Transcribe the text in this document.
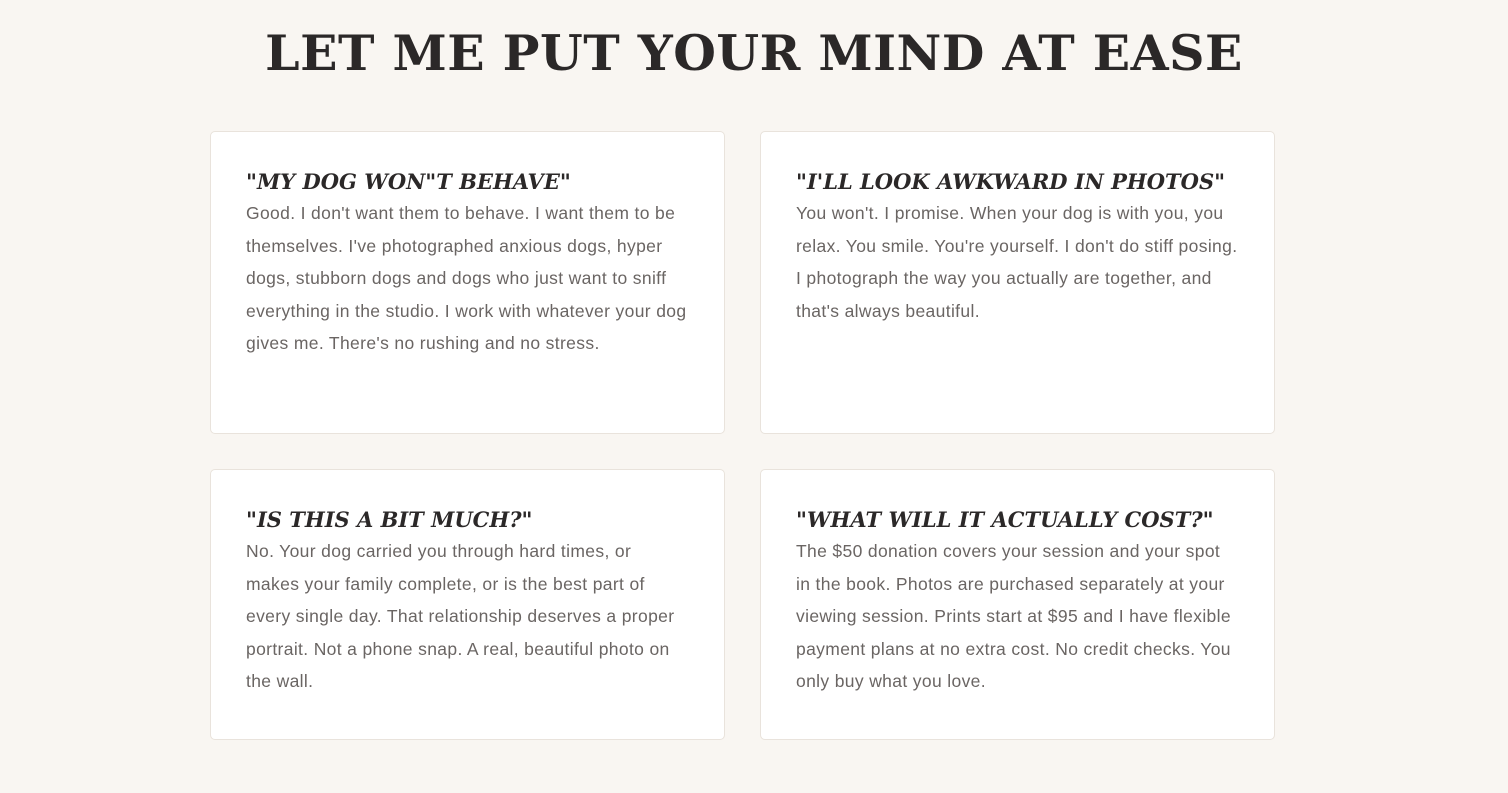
LET ME PUT YOUR MIND AT EASE
"MY DOG WON"T BEHAVE"

Good. I don't want them to behave. I want them to be themselves. I've photographed anxious dogs, hyper dogs, stubborn dogs and dogs who just want to sniff everything in the studio. I work with whatever your dog gives me. There's no rushing and no stress.

"I'LL LOOK AWKWARD IN PHOTOS"

You won't. I promise. When your dog is with you, you relax. You smile. You're yourself. I don't do stiff posing. I photograph the way you actually are together, and that's always beautiful.

"IS THIS A BIT MUCH?"

No. Your dog carried you through hard times, or makes your family complete, or is the best part of every single day. That relationship deserves a proper portrait. Not a phone snap. A real, beautiful photo on the wall.

"WHAT WILL IT ACTUALLY COST?"

The $50 donation covers your session and your spot in the book. Photos are purchased separately at your viewing session. Prints start at $95 and I have flexible payment plans at no extra cost. No credit checks. You only buy what you love.
